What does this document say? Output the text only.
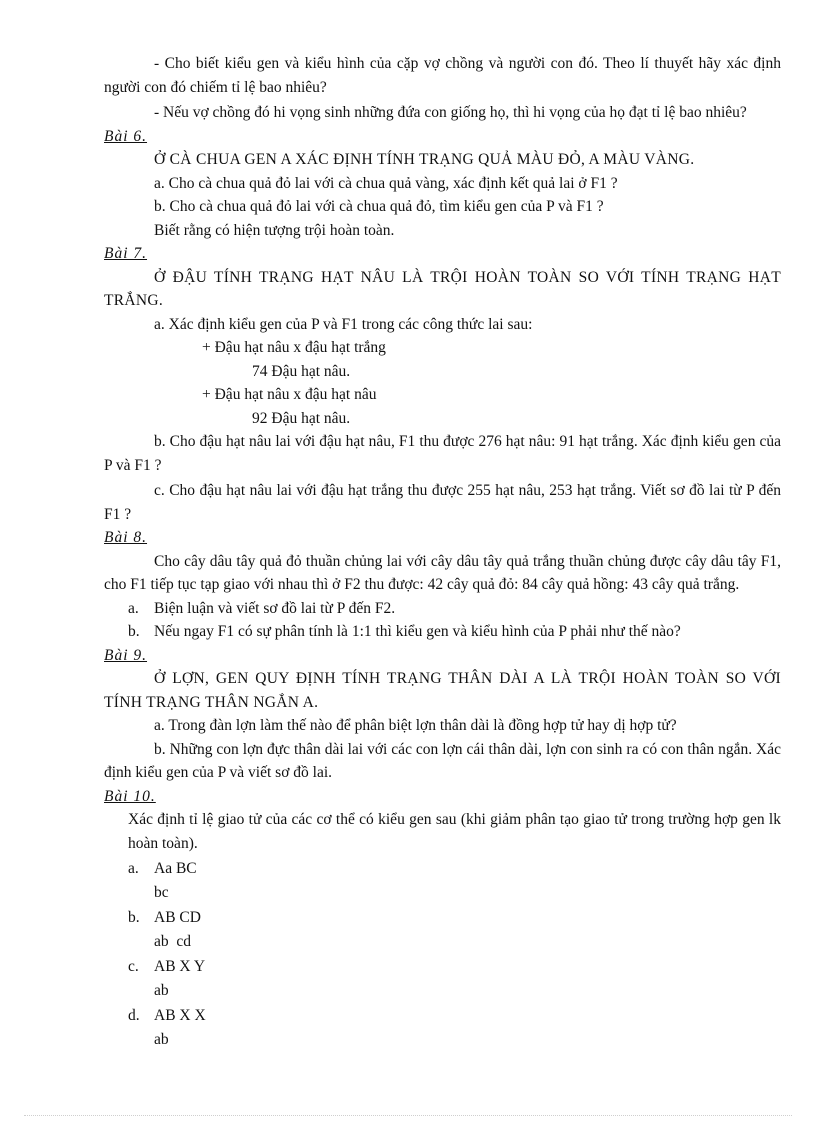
- Cho biết kiểu gen và kiểu hình của cặp vợ chồng và người con đó. Theo lí thuyết hãy xác định người con đó chiếm tỉ lệ bao nhiêu?

- Nếu vợ chồng đó hi vọng sinh những đứa con giống họ, thì hi vọng của họ đạt tỉ lệ bao nhiêu?

Bài 6.

Ở CÀ CHUA GEN A XÁC ĐỊNH TÍNH TRẠNG QUẢ MÀU ĐỎ, A MÀU VÀNG.

a. Cho cà chua quả đỏ lai với cà chua quả vàng, xác định kết quả lai ở F1 ?

b. Cho cà chua quả đỏ lai với cà chua quả đỏ, tìm kiểu gen của P và F1 ?

Biết rằng có hiện tượng trội hoàn toàn.

Bài 7.

Ở ĐẬU TÍNH TRẠNG HẠT NÂU LÀ TRỘI HOÀN TOÀN SO VỚI TÍNH TRẠNG HẠT TRẮNG.

a. Xác định kiểu gen của P và F1 trong các công thức lai sau:

+ Đậu hạt nâu x đậu hạt trắng

74 Đậu hạt nâu.

+ Đậu hạt nâu x đậu hạt nâu

92 Đậu hạt nâu.

b. Cho đậu hạt nâu lai với đậu hạt nâu, F1 thu được 276 hạt nâu: 91 hạt trắng. Xác định kiểu gen của P và F1 ?

c. Cho đậu hạt nâu lai với đậu hạt trắng thu được 255 hạt nâu, 253 hạt trắng. Viết sơ đồ lai từ P đến F1 ?

Bài 8.

Cho cây dâu tây quả đỏ thuần chủng lai với cây dâu tây quả trắng thuần chủng được cây dâu tây F1, cho F1 tiếp tục tạp giao với nhau thì ở F2 thu được: 42 cây quả đỏ: 84 cây quả hồng: 43 cây quả trắng.

a. Biện luận và viết sơ đồ lai từ P đến F2.
b. Nếu ngay F1 có sự phân tính là 1:1 thì kiểu gen và kiểu hình của P phải như thế nào?

Bài 9.

Ở LỢN, GEN QUY ĐỊNH TÍNH TRẠNG THÂN DÀI A LÀ TRỘI HOÀN TOÀN SO VỚI TÍNH TRẠNG THÂN NGẮN A.

a. Trong đàn lợn làm thế nào để phân biệt lợn thân dài là đồng hợp tử hay dị hợp tử?

b. Những con lợn đực thân dài lai với các con lợn cái thân dài, lợn con sinh ra có con thân ngắn. Xác định kiểu gen của P và viết sơ đồ lai.

Bài 10.

Xác định tỉ lệ giao tử của các cơ thể có kiểu gen sau (khi giảm phân tạo giao tử trong trường hợp gen lk hoàn toàn).

a. Aa BC

bc

b. AB CD

ab  cd

c. AB X Y

ab

d. AB X X

ab
